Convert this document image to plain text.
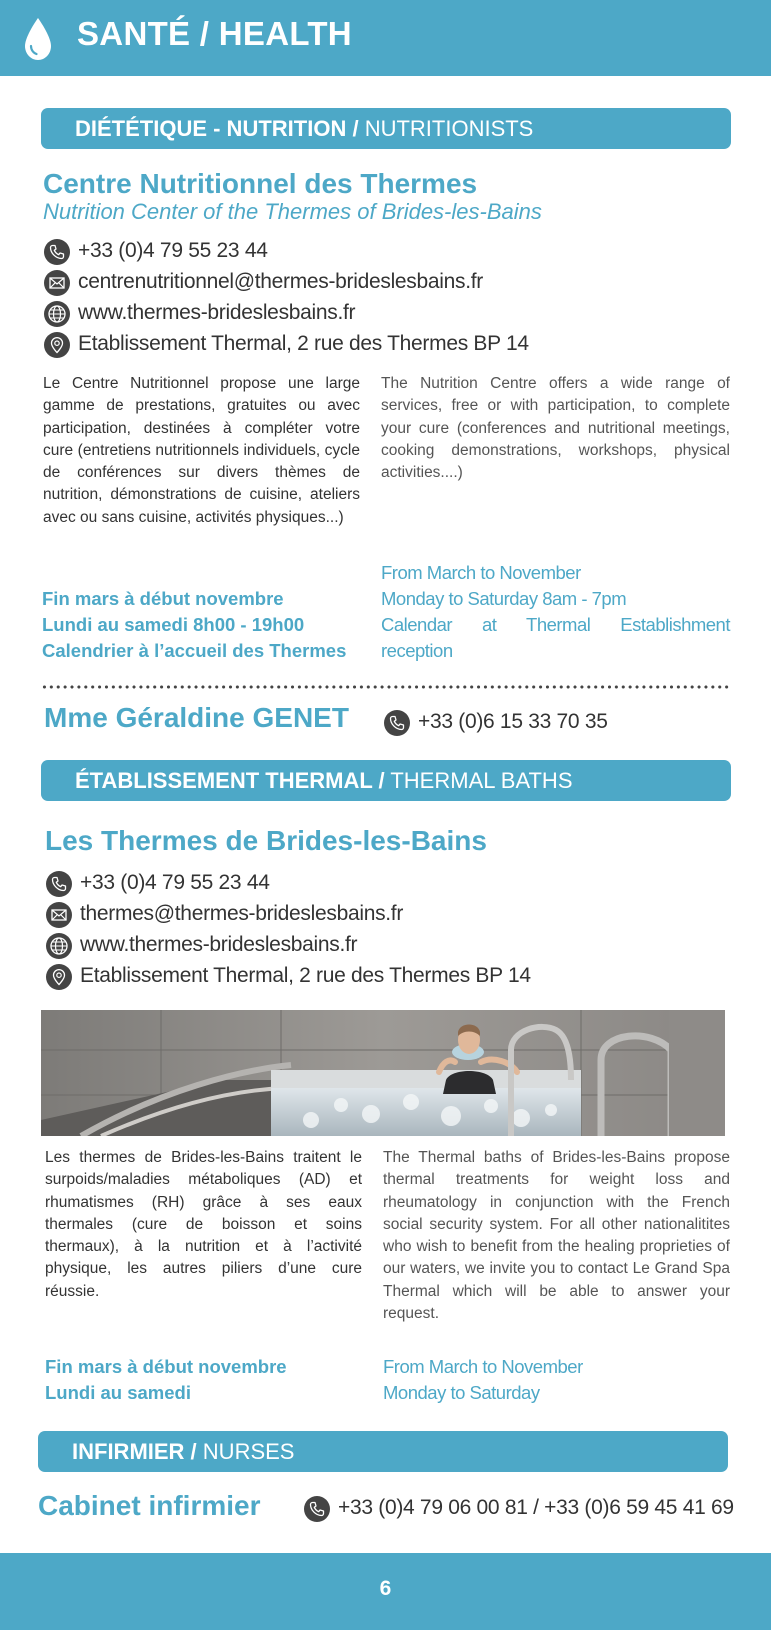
SANTÉ / HEALTH
DIÉTÉTIQUE - NUTRITION / NUTRITIONISTS
Centre Nutritionnel des Thermes
Nutrition Center of the Thermes of Brides-les-Bains
+33 (0)4 79 55 23 44
centrenutritionnel@thermes-brideslesbains.fr
www.thermes-brideslesbains.fr
Etablissement Thermal, 2 rue des Thermes BP 14
Le Centre Nutritionnel propose une large gamme de prestations, gratuites ou avec participation, destinées à compléter votre cure (entretiens nutritionnels individuels, cycle de conférences sur divers thèmes de nutrition, démonstrations de cuisine, ateliers avec ou sans cuisine, activités physiques...)
The Nutrition Centre offers a wide range of services, free or with participation, to complete your cure (conferences and nutritional meetings, cooking demonstrations, workshops, physical activities....)
Fin mars à début novembre
Lundi au samedi 8h00 - 19h00
Calendrier à l’accueil des Thermes
From March to November
Monday to Saturday 8am - 7pm
Calendar at Thermal Establishment reception
Mme Géraldine GENET	+33 (0)6 15 33 70 35
ÉTABLISSEMENT THERMAL / THERMAL BATHS
Les Thermes de Brides-les-Bains
+33 (0)4 79 55 23 44
thermes@thermes-brideslesbains.fr
www.thermes-brideslesbains.fr
Etablissement Thermal, 2 rue des Thermes BP 14
Les thermes de Brides-les-Bains traitent le surpoids/maladies métaboliques (AD) et rhumatismes (RH) grâce à ses eaux thermales (cure de boisson et soins thermaux), à la nutrition et à l’activité physique, les autres piliers d’une cure réussie.
The Thermal baths of Brides-les-Bains propose thermal treatments for weight loss and rheumatology in conjunction with the French social security system. For all other nationalitites who wish to benefit from the healing proprieties of our waters, we invite you to contact Le Grand Spa Thermal which will be able to answer your request.
Fin mars à début novembre
Lundi au samedi
From March to November
Monday to Saturday
INFIRMIER / NURSES
Cabinet infirmier	+33 (0)4 79 06 00 81 / +33 (0)6 59 45 41 69
6
